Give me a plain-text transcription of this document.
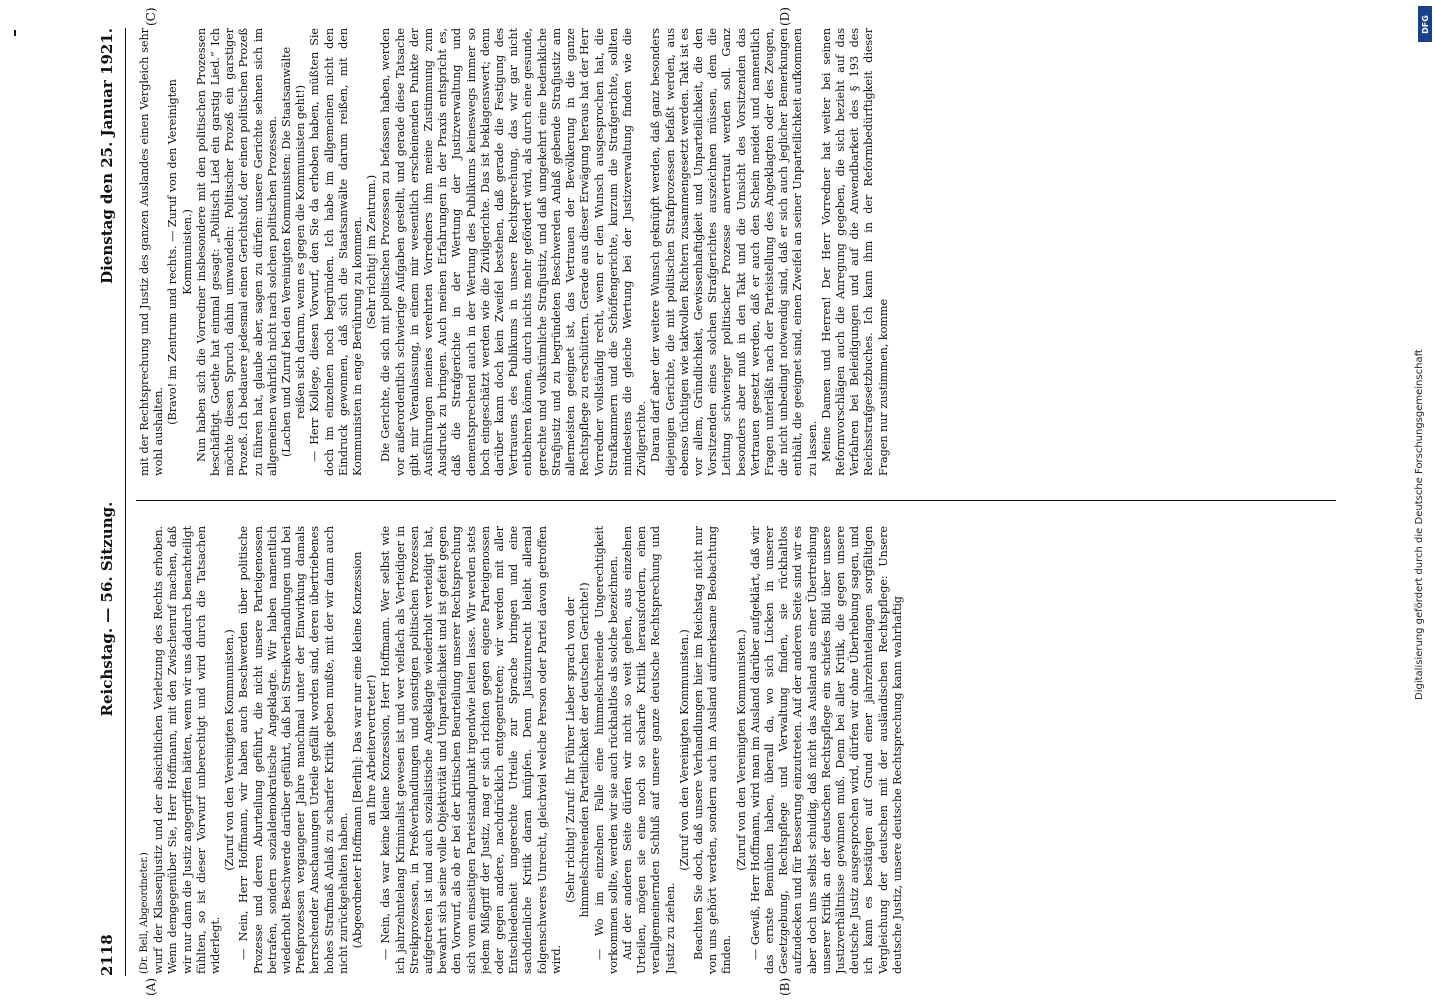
2118
Reichstag. — 56. Sitzung.
Dienstag den 25. Januar 1921.
(A)	(B)
(C)	(D)

(Dr. Bell, Abgeordneter.) wurf der Klassenjustiz und der absichtlichen Verletzung des Rechts erhoben. Wenn demgegenüber Sie, Herr Hoffmann, mit den Zwischenruf machen, daß wir nur dann die Justiz angegriffen hätten, wenn wir uns dadurch benachteiligt fühlten, so ist dieser Vorwurf unberechtigt und wird durch die Tatsachen widerlegt.

(Zuruf von den Vereinigten Kommunisten.) — Nein, Herr Hoffmann, wir haben auch Beschwerden über politische Prozesse und deren Aburteilung geführt, die nicht unsere Parteigenossen betrafen, sondern sozialdemokratische Angeklagte. Wir haben namentlich wiederholt Beschwerde darüber geführt, daß bei Streikverhandlungen und bei Preßprozessen vergangener Jahre manchmal unter der Einwirkung damals herrschender Anschauungen Urteile gefällt worden sind, deren übertriebenes hohes Strafmaß Anlaß zu scharfer Kritik geben mußte, mit der wir dann auch nicht zurückgehalten haben. (Abgeordneter Hoffmann [Berlin]: Das war nur eine kleine Konzession an Ihre Arbeitervertreter!) — Nein, das war keine kleine Konzession, Herr Hoffmann. Wer selbst wie ich jahrzehntelang Kriminalist gewesen ist und wer vielfach als Verteidiger in Streikprozessen, in Preßverhandlungen und sonstigen politischen Prozessen aufgetreten ist und auch sozialistische Angeklagte wiederholt verteidigt hat, bewahrt sich seine volle Objektivität und Unparteilichkeit und ist gefeit gegen den Vorwurf, als ob er bei der kritischen Beurteilung unserer Rechtsprechung sich vom einseitigen Parteistandpunkt irgendwie leiten lasse. Wir werden stets jedem Mißgriff der Justiz, mag er sich richten gegen eigene Parteigenossen oder gegen andere, nachdrücklich entgegentreten; wir werden mit aller Entschiedenheit ungerechte Urteile zur Sprache bringen und eine sachdienliche Kritik daran knüpfen. Denn Justizunrecht bleibt allemal folgenschweres Unrecht, gleichviel welche Person oder Partei davon getroffen wird.

(Sehr richtig! Zuruf: Ihr Führer Lieber sprach von der himmelschreienden Parteilichkeit der deutschen Gerichte!) — Wo im einzelnen Falle eine himmelschreiende Ungerechtigkeit vorkommen sollte, werden wir sie auch rückhaltlos als solche bezeichnen. Auf der anderen Seite dürfen wir nicht so weit gehen, aus einzelnen Urteilen, mögen sie eine noch so scharfe Kritik herausfordern, einen verallgemeinernden Schluß auf unsere ganze deutsche Rechtsprechung und Justiz zu ziehen.

(Zuruf von den Vereinigten Kommunisten.) Beachten Sie doch, daß unsere Verhandlungen hier im Reichstag nicht nur von uns gehört werden, sondern auch im Ausland aufmerksame Beobachtung finden.

(Zuruf von den Vereinigten Kommunisten.) — Gewiß, Herr Hoffmann, wird man im Ausland darüber aufgeklärt, daß wir das ernste Bemühen haben, überall da, wo sich Lücken in unserer Gesetzgebung, Rechtspflege und Verwaltung finden, sie rückhaltlos aufzudecken und für Besserung einzutreten. Auf der anderen Seite sind wir es aber doch uns selbst schuldig, daß nicht das Ausland aus einer Übertreibung unserer Kritik an der deutschen Rechtspflege ein schiefes Bild über unsere Justizverhältnisse gewinnen muß. Denn bei aller Kritik, die gegen unsere deutsche Justiz ausgesprochen wird, dürfen wir ohne Überhebung sagen, und ich kann es bestätigen auf Grund einer jahrzehntelangen sorgfältigen Vergleichung der deutschen mit der ausländischen Rechtspflege: Unsere deutsche Justiz, unsere deutsche Rechtsprechung kann wahrhaftig

mit der Rechtsprechung und Justiz des ganzen Auslandes einen Vergleich sehr wohl aushalten.

(Bravo! im Zentrum und rechts. — Zuruf von den Vereinigten Kommunisten.) Nun haben sich die Vorredner insbesondere mit den politischen Prozessen beschäftigt. Goethe hat einmal gesagt: „Politisch Lied ein garstig Lied.“ Ich möchte diesen Spruch dahin umwandeln: Politischer Prozeß ein garstiger Prozeß. Ich bedauere jedesmal einen Gerichtshof, der einen politischen Prozeß zu führen hat, glaube aber, sagen zu dürfen: unsere Gerichte sehnen sich im allgemeinen wahrlich nicht nach solchen politischen Prozessen. (Lachen und Zuruf bei den Vereinigten Kommunisten: Die Staatsanwälte reißen sich darum, wenn es gegen die Kommunisten geht!) — Herr Kollege, diesen Vorwurf, den Sie da erhoben haben, müßten Sie doch im einzelnen noch begründen. Ich habe im allgemeinen nicht den Eindruck gewonnen, daß sich die Staatsanwälte darum reißen, mit den Kommunisten in enge Berührung zu kommen. (Sehr richtig! im Zentrum.) Die Gerichte, die sich mit politischen Prozessen zu befassen haben, werden vor außerordentlich schwierige Aufgaben gestellt, und gerade diese Tatsache gibt mir Veranlassung, in einem mir wesentlich erscheinenden Punkte der Ausführungen meines verehrten Vorredners ihm meine Zustimmung zum Ausdruck zu bringen. Auch meinen Erfahrungen in der Praxis entspricht es, daß die Strafgerichte in der Wertung der Justizverwaltung und dementsprechend auch in der Wertung des Publikums keineswegs immer so hoch eingeschätzt werden wie die Zivilgerichte. Das ist beklagenswert; denn darüber kann doch kein Zweifel bestehen, daß gerade die Festigung des Vertrauens des Publikums in unsere Rechtsprechung, das wir gar nicht entbehren können, durch nichts mehr gefördert wird, als durch eine gesunde, gerechte und volkstümliche Strafjustiz, und daß umgekehrt eine bedenkliche Strafjustiz und zu begründeten Beschwerden Anlaß gebende Strafjustiz am allermeisten geeignet ist, das Vertrauen der Bevölkerung in die ganze Rechtspflege zu erschüttern. Gerade aus dieser Erwägung heraus hat der Herr Vorredner vollständig recht, wenn er den Wunsch ausgesprochen hat, die Strafkammern und die Schöffengerichte, kurzum die Strafgerichte, sollten mindestens die gleiche Wertung bei der Justizverwaltung finden wie die Zivilgerichte. Daran darf aber der weitere Wunsch geknüpft werden, daß ganz besonders diejenigen Gerichte, die mit politischen Strafprozessen befaßt werden, aus ebenso tüchtigen wie taktvollen Richtern zusammengesetzt werden. Takt ist es vor allem, Gründlichkeit, Gewissenhaftigkeit und Unparteilichkeit, die den Vorsitzenden eines solchen Strafgerichtes auszeichnen müssen, dem die Leitung schwieriger politischer Prozesse anvertraut werden soll. Ganz besonders aber muß in den Takt und die Umsicht des Vorsitzenden das Vertrauen gesetzt werden, daß er auch den Schein meidet und namentlich Fragen unterläßt nach der Parteistellung des Angeklagten oder des Zeugen, die nicht unbedingt notwendig sind, daß er sich auch jeglicher Bemerkungen enthält, die geeignet sind, einen Zweifel an seiner Unparteilichkeit aufkommen zu lassen. Meine Damen und Herren! Der Herr Vorredner hat weiter bei seinen Reformvorschlägen auch die Anregung gegeben, die sich bezieht auf das Verfahren bei Beleidigungen und auf die Anwendbarkeit des § 193 des Reichsstrafgesetzbuches. Ich kann ihm in der Reformbedürftigkeit dieser Fragen nur zustimmen, komme	Digitalisierung gefördert durch die Deutsche Forschungsgemeinschaft
DFG
